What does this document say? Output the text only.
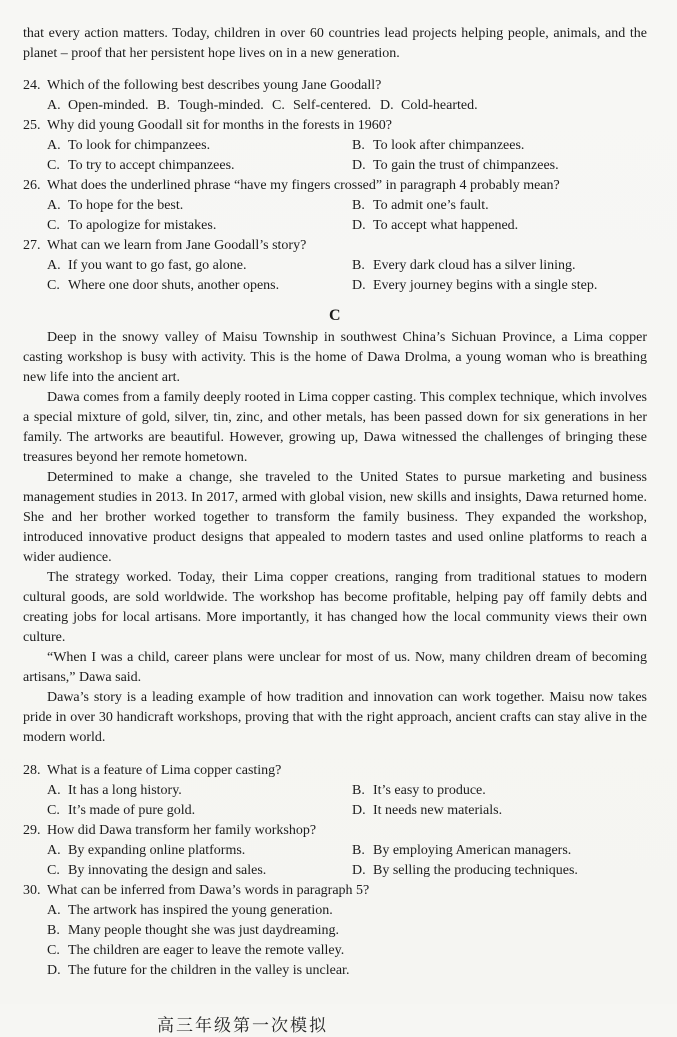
that every action matters. Today, children in over 60 countries lead projects helping people, animals, and the planet – proof that her persistent hope lives on in a new generation.

24. Which of the following best describes young Jane Goodall?
A. Open-minded. B. Tough-minded. C. Self-centered. D. Cold-hearted.
25. Why did young Goodall sit for months in the forests in 1960?
A. To look for chimpanzees.	B. To look after chimpanzees.
C. To try to accept chimpanzees.	D. To gain the trust of chimpanzees.
26. What does the underlined phrase “have my fingers crossed” in paragraph 4 probably mean?
A. To hope for the best.	B. To admit one’s fault.
C. To apologize for mistakes.	D. To accept what happened.
27. What can we learn from Jane Goodall’s story?
A. If you want to go fast, go alone.	B. Every dark cloud has a silver lining.
C. Where one door shuts, another opens.	D. Every journey begins with a single step.
C

Deep in the snowy valley of Maisu Township in southwest China’s Sichuan Province, a Lima copper casting workshop is busy with activity. This is the home of Dawa Drolma, a young woman who is breathing new life into the ancient art.

Dawa comes from a family deeply rooted in Lima copper casting. This complex technique, which involves a special mixture of gold, silver, tin, zinc, and other metals, has been passed down for six generations in her family. The artworks are beautiful. However, growing up, Dawa witnessed the challenges of bringing these treasures beyond her remote hometown.

Determined to make a change, she traveled to the United States to pursue marketing and business management studies in 2013. In 2017, armed with global vision, new skills and insights, Dawa returned home. She and her brother worked together to transform the family business. They expanded the workshop, introduced innovative product designs that appealed to modern tastes and used online platforms to reach a wider audience.

The strategy worked. Today, their Lima copper creations, ranging from traditional statues to modern cultural goods, are sold worldwide. The workshop has become profitable, helping pay off family debts and creating jobs for local artisans. More importantly, it has changed how the local community views their own culture.

“When I was a child, career plans were unclear for most of us. Now, many children dream of becoming artisans,” Dawa said.

Dawa’s story is a leading example of how tradition and innovation can work together. Maisu now takes pride in over 30 handicraft workshops, proving that with the right approach, ancient crafts can stay alive in the modern world.

28. What is a feature of Lima copper casting?
A. It has a long history.	B. It’s easy to produce.
C. It’s made of pure gold.	D. It needs new materials.
29. How did Dawa transform her family workshop?
A. By expanding online platforms.	B. By employing American managers.
C. By innovating the design and sales.	D. By selling the producing techniques.
30. What can be inferred from Dawa’s words in paragraph 5?
A. The artwork has inspired the young generation.
B. Many people thought she was just daydreaming.
C. The children are eager to leave the remote valley.
D. The future for the children in the valley is unclear.
高三年级第一次模拟
